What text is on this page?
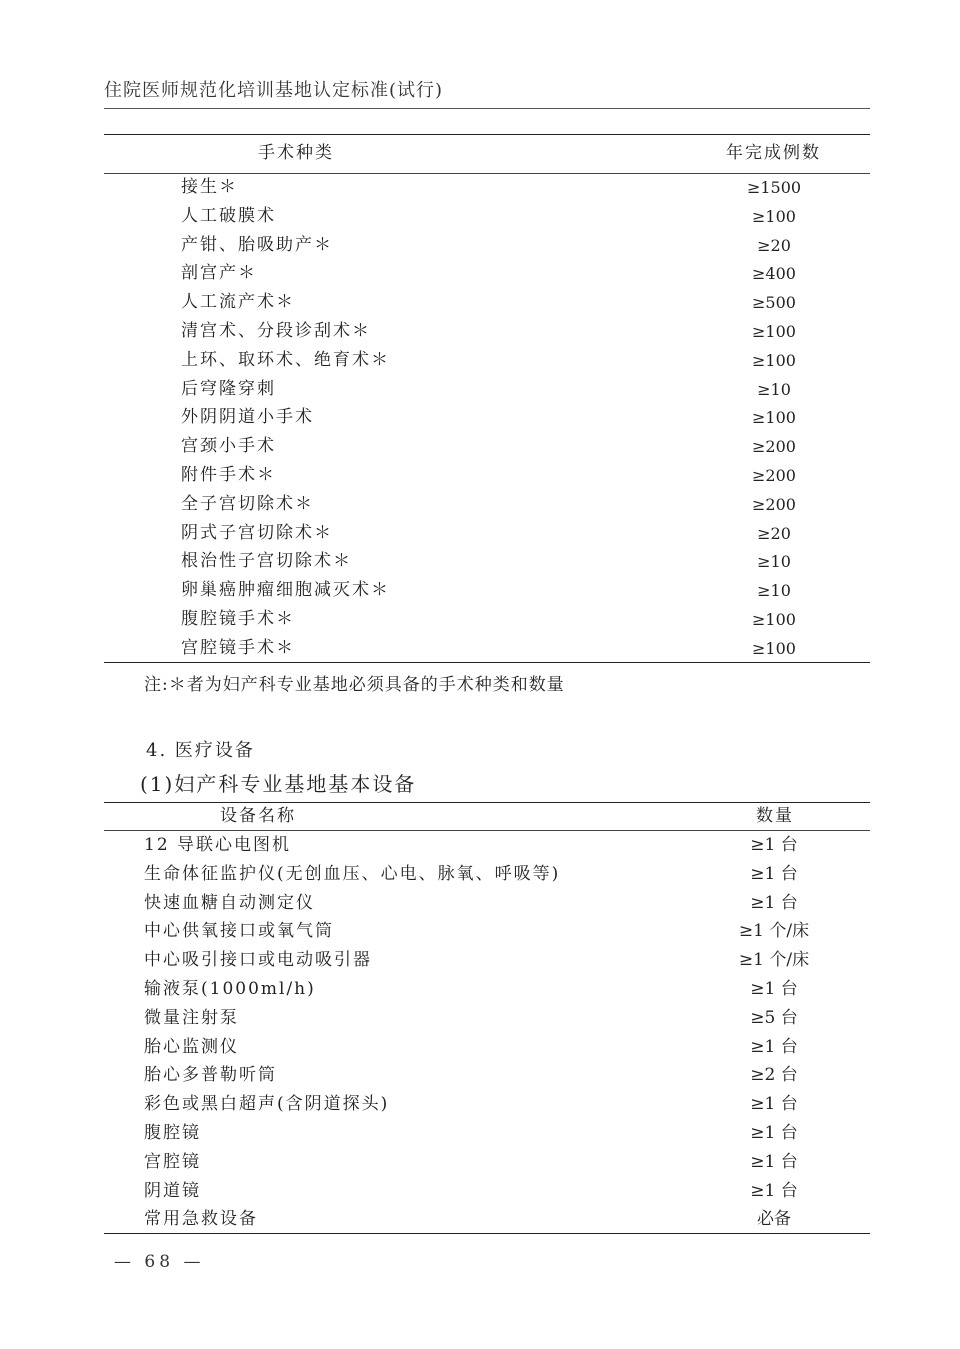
住院医师规范化培训基地认定标准(试行)
手术种类	年完成例数
接生＊	≥1500
人工破膜术	≥100
产钳、胎吸助产＊	≥20
剖宫产＊	≥400
人工流产术＊	≥500
清宫术、分段诊刮术＊	≥100
上环、取环术、绝育术＊	≥100
后穹隆穿刺	≥10
外阴阴道小手术	≥100
宫颈小手术	≥200
附件手术＊	≥200
全子宫切除术＊	≥200
阴式子宫切除术＊	≥20
根治性子宫切除术＊	≥10
卵巢癌肿瘤细胞减灭术＊	≥10
腹腔镜手术＊	≥100
宫腔镜手术＊	≥100
注:＊者为妇产科专业基地必须具备的手术种类和数量
4. 医疗设备
(1)妇产科专业基地基本设备
设备名称	数量
12 导联心电图机	≥1 台
生命体征监护仪(无创血压、心电、脉氧、呼吸等)	≥1 台
快速血糖自动测定仪	≥1 台
中心供氧接口或氧气筒	≥1 个/床
中心吸引接口或电动吸引器	≥1 个/床
输液泵(1000ml/h)	≥1 台
微量注射泵	≥5 台
胎心监测仪	≥1 台
胎心多普勒听筒	≥2 台
彩色或黑白超声(含阴道探头)	≥1 台
腹腔镜	≥1 台
宫腔镜	≥1 台
阴道镜	≥1 台
常用急救设备	必备
— 68 —
